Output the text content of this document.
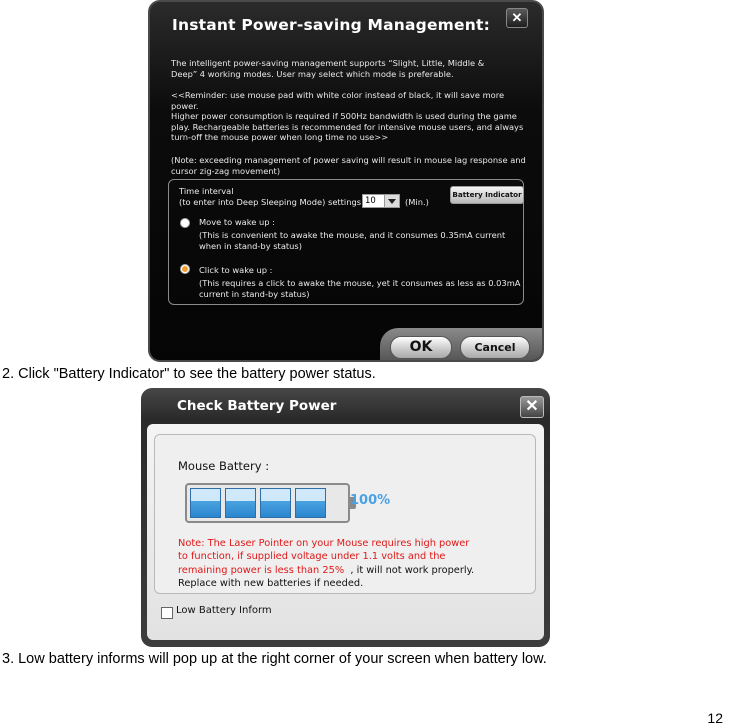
Instant Power-saving Management:	✕
The intelligent power-saving management supports “Slight, Little, Middle &
Deep” 4 working modes. User may select which mode is preferable.
<<Reminder: use mouse pad with white color instead of black, it will save more power.
Higher power consumption is required if 500Hz bandwidth is used during the game
play. Rechargeable batteries is recommended for intensive mouse users, and always
turn-off the mouse power when long time no use>>
(Note: exceeding management of power saving will result in mouse lag response and
cursor zig-zag movement)
Time interval
(to enter into Deep Sleeping Mode) settings 10	(Min.)
Battery Indicator
Move to wake up :
(This is convenient to awake the mouse, and it consumes 0.35mA current
when in stand-by status)
Click to wake up :
(This requires a click to awake the mouse, yet it consumes as less as 0.03mA
current in stand-by status)
OK	Cancel
2. Click "Battery Indicator" to see the battery power status.
Check Battery Power	✕
Mouse Battery :
100%
Note: The Laser Pointer on your Mouse requires high power
to function, if supplied voltage under 1.1 volts and the
remaining power is less than 25%  , it will not work properly.
Replace with new batteries if needed.
Low Battery Inform
3. Low battery informs will pop up at the right corner of your screen when battery low.
12
